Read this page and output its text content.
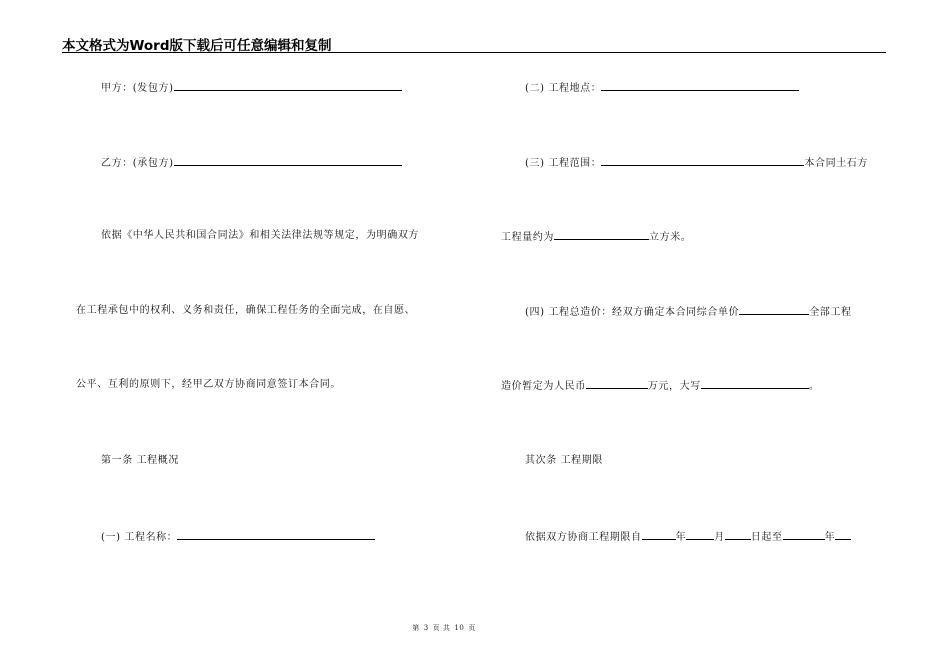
本文格式为Word版下载后可任意编辑和复制
甲方：(发包方)
乙方：(承包方)
依据《中华人民共和国合同法》和相关法律法规等规定，为明确双方
在工程承包中的权利、义务和责任，确保工程任务的全面完成，在自愿、
公平、互利的原则下，经甲乙双方协商同意签订本合同。
第一条 工程概况
(一) 工程名称：
(二) 工程地点：
(三) 工程范围：	本合同土石方
工程量约为	立方米。
(四) 工程总造价：经双方确定本合同综合单价	全部工程
造价暂定为人民币	万元，大写	。
其次条 工程期限
依据双方协商工程期限自	年	月	日起至	年
第 3 页 共 10 页
